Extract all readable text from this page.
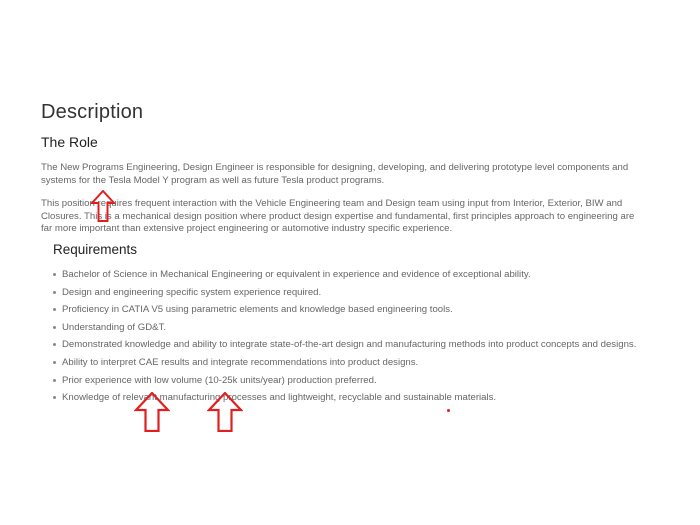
Description
The Role

The New Programs Engineering, Design Engineer is responsible for designing, developing, and delivering prototype level components and systems for the Tesla Model Y program as well as future Tesla product programs.

This position requires frequent interaction with the Vehicle Engineering team and Design team using input from Interior, Exterior, BIW and Closures. This is a mechanical design position where product design expertise and fundamental, first principles approach to engineering are far more important than extensive project engineering or automotive industry specific experience.

Requirements
Bachelor of Science in Mechanical Engineering or equivalent in experience and evidence of exceptional ability.
Design and engineering specific system experience required.
Proficiency in CATIA V5 using parametric elements and knowledge based engineering tools.
Understanding of GD&T.
Demonstrated knowledge and ability to integrate state-of-the-art design and manufacturing methods into product concepts and designs.
Ability to interpret CAE results and integrate recommendations into product designs.
Prior experience with low volume (10-25k units/year) production preferred.
Knowledge of relevant manufacturing processes and lightweight, recyclable and sustainable materials.
